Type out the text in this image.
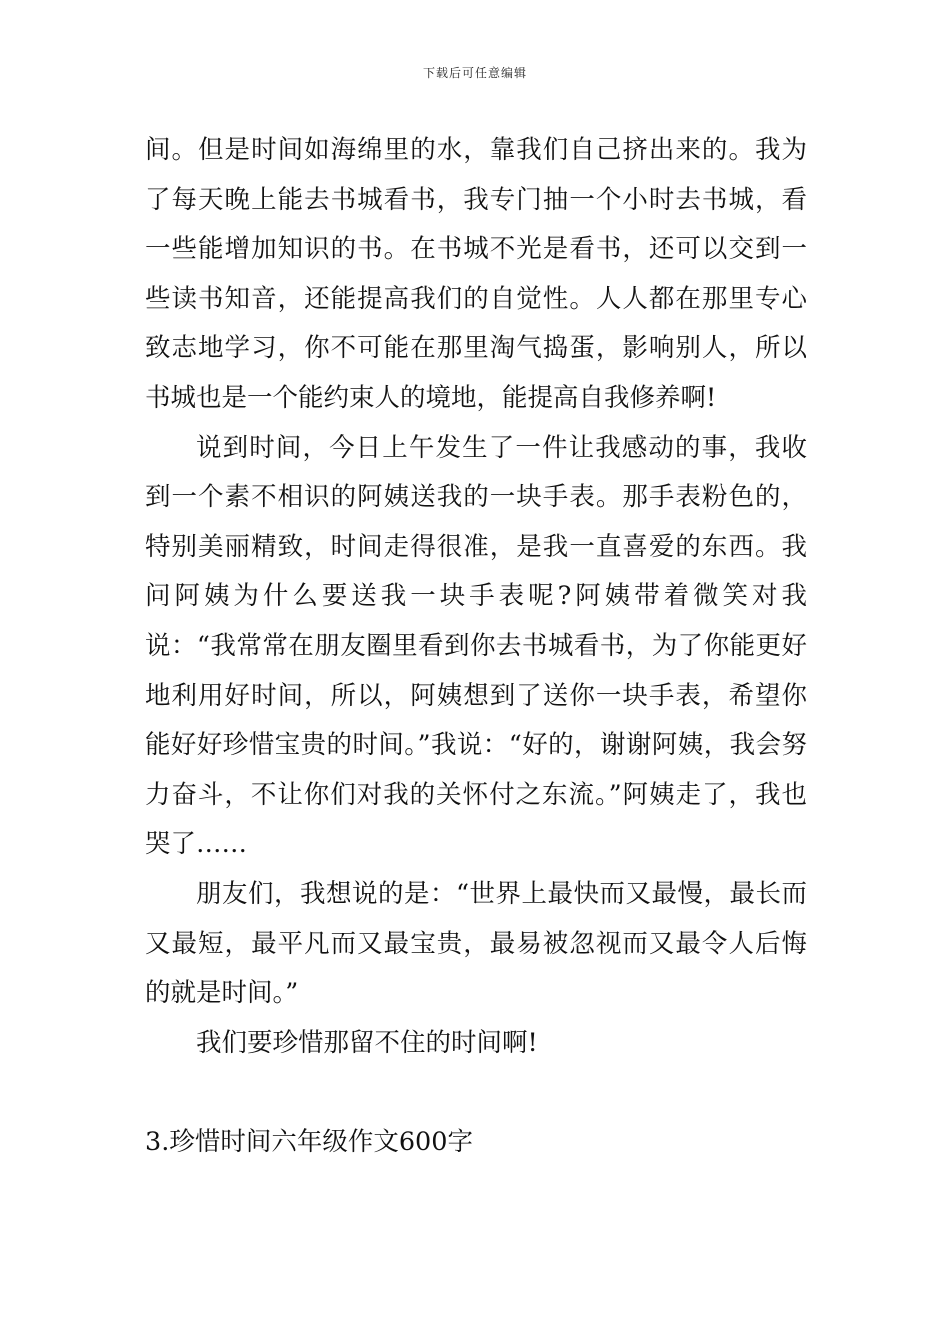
下载后可任意编辑

间。但是时间如海绵里的水，靠我们自己挤出来的。我为了每天晚上能去书城看书，我专门抽一个小时去书城，看一些能增加知识的书。在书城不光是看书，还可以交到一些读书知音，还能提高我们的自觉性。人人都在那里专心致志地学习，你不可能在那里淘气捣蛋，影响别人，所以书城也是一个能约束人的境地，能提高自我修养啊!

说到时间，今日上午发生了一件让我感动的事，我收到一个素不相识的阿姨送我的一块手表。那手表粉色的，特别美丽精致，时间走得很准，是我一直喜爱的东西。我问阿姨为什么要送我一块手表呢?阿姨带着微笑对我说：“我常常在朋友圈里看到你去书城看书，为了你能更好地利用好时间，所以，阿姨想到了送你一块手表，希望你能好好珍惜宝贵的时间。”我说：“好的，谢谢阿姨，我会努力奋斗，不让你们对我的关怀付之东流。”阿姨走了，我也哭了……

朋友们，我想说的是：“世界上最快而又最慢，最长而又最短，最平凡而又最宝贵，最易被忽视而又最令人后悔的就是时间。”

我们要珍惜那留不住的时间啊!

3.珍惜时间六年级作文600字
